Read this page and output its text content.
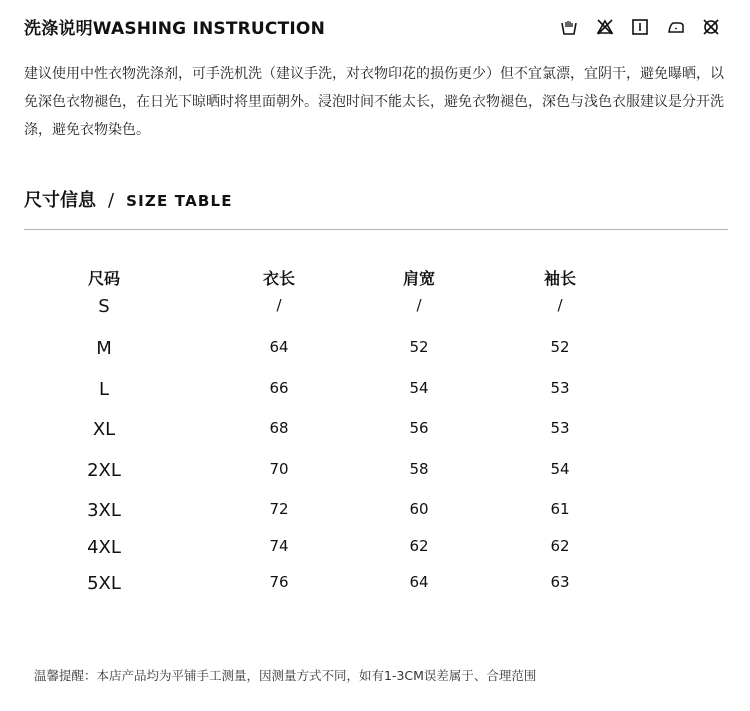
洗涤说明WASHING INSTRUCTION

建议使用中性衣物洗涤剂，可手洗机洗（建议手洗，对衣物印花的损伤更少）但不宜氯漂，宜阴干，避免曝晒，以免深色衣物褪色，在日光下晾晒时将里面朝外。浸泡时间不能太长，避免衣物褪色，深色与浅色衣服建议是分开洗涤，避免衣物染色。

尺寸信息 / SIZE TABLE
尺码	衣长	肩宽	袖长
S	/	/	/
M	64	52	52
L	66	54	53
XL	68	56	53
2XL	70	58	54
3XL	72	60	61
4XL	74	62	62
5XL	76	64	63
温馨提醒：本店产品均为平铺手工测量，因测量方式不同，如有1-3CM误差属于、合理范围
